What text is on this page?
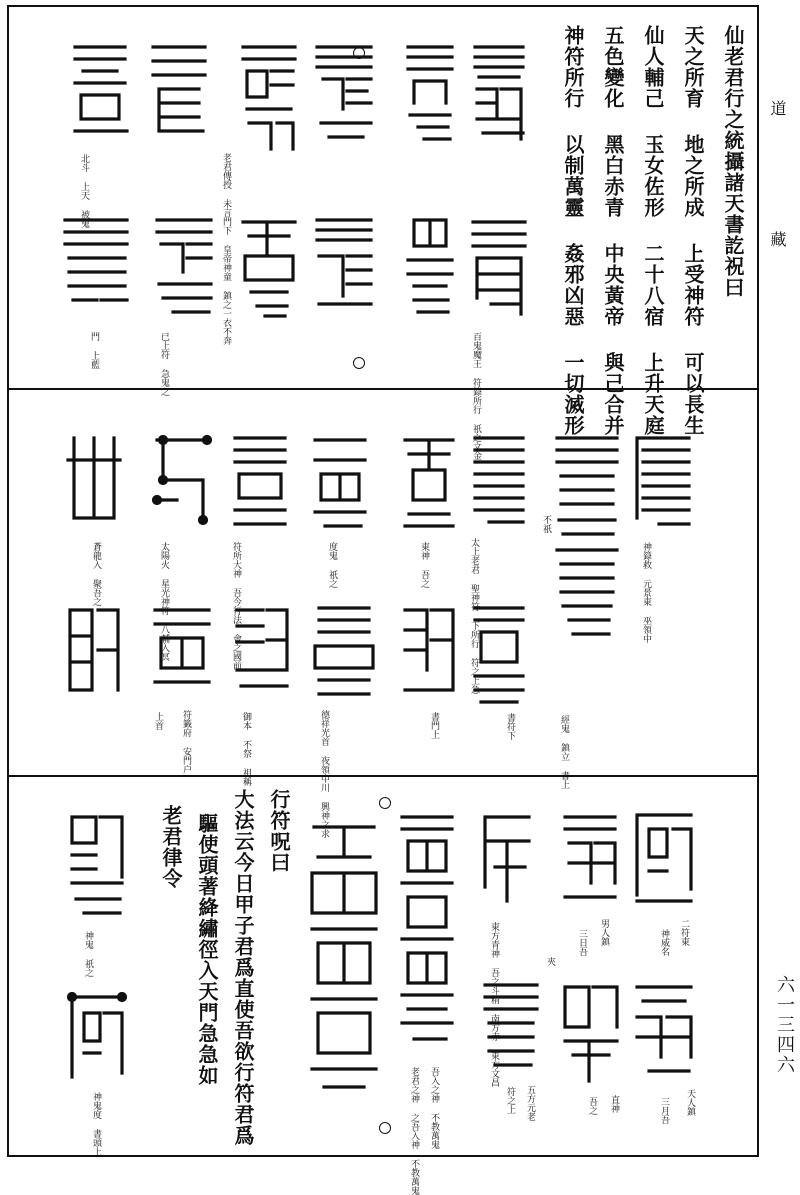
道 藏
六一三四六
仙老君行之統攝諸天書訖祝曰
天之所育 地之所成 上受神符 可以長生
仙人輔己 玉女佐形 二十八宿 上升天庭
五色變化 黑白赤青 中央黃帝 與己合并
神符所行 以制萬靈 姦邪凶惡 一切滅形
百鬼魔王 符籙所行 祇之文金
老君傳授 未言門下 皇帝神童 鎮之一衣不奔
已上符 急鬼之
北斗 上天 被鬼
門 上藍
神籙救 元景東 巫領中
經鬼 鎮立 書上
不祇
太上老君 聖神符 下所行 符之上急
書符下
東神 吾之
書門上
度鬼 祇之
德祥光首 夜領中川 興神之求
符所大神 吾今行法 會之國前
御本 不祭 祖稱
太陽火 星光神符 八輔入冥
符籤府 安門户
上首
蒼龍入 聚吾之
二符東
神威名
天人鎮
三月吾
男人鎮
三日吾
直神
吾之
東方青神 吾之斗精 南方赤 東方文昌
符之上 五方元老
夾
老君之神 之吾入神 不教萬鬼 吾入之神 不教萬鬼
行符呪曰
大法云今日甲子君爲直使吾欲行符君爲
驅使頭著絳繡徑入天門急急如
老君律令
神鬼 祇之
神鬼度 書頭上
